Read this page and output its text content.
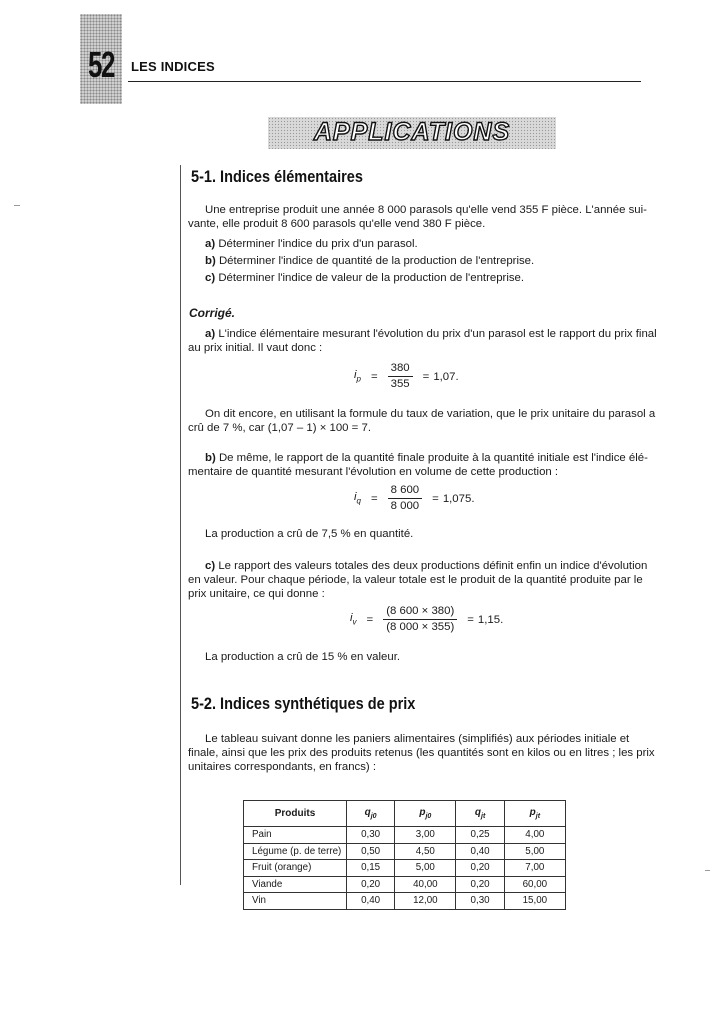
52 LES INDICES
APPLICATIONS
5-1. Indices élémentaires
Une entreprise produit une année 8 000 parasols qu'elle vend 355 F pièce. L'année sui-
vante, elle produit 8 600 parasols qu'elle vend 380 F pièce.
a) Déterminer l'indice du prix d'un parasol.
b) Déterminer l'indice de quantité de la production de l'entreprise.
c) Déterminer l'indice de valeur de la production de l'entreprise.
Corrigé.
a) L'indice élémentaire mesurant l'évolution du prix d'un parasol est le rapport du prix final
au prix initial. Il vaut donc :
$i_p = \frac{380}{355} = 1,07$.
On dit encore, en utilisant la formule du taux de variation, que le prix unitaire du parasol a
crû de 7 %, car (1,07 – 1) × 100 = 7.
b) De même, le rapport de la quantité finale produite à la quantité initiale est l'indice élé-
mentaire de quantité mesurant l'évolution en volume de cette production :
$i_q = \frac{8 600}{8 000} = 1,075$.
La production a crû de 7,5 % en quantité.
c) Le rapport des valeurs totales des deux productions définit enfin un indice d'évolution
en valeur. Pour chaque période, la valeur totale est le produit de la quantité produite par le
prix unitaire, ce qui donne :
$i_v = \frac{(8 600 \times 380)}{(8 000 \times 355)} = 1,15$.
La production a crû de 15 % en valeur.
5-2. Indices synthétiques de prix
Le tableau suivant donne les paniers alimentaires (simplifiés) aux périodes initiale et
finale, ainsi que les prix des produits retenus (les quantités sont en kilos ou en litres ; les prix
unitaires correspondants, en francs) :
Produits	$q_{j0}$	$p_{j0}$	$q_{jt}$	$p_{jt}$
Pain	0,30	3,00	0,25	4,00
Légume (p. de terre)	0,50	4,50	0,40	5,00
Fruit (orange)	0,15	5,00	0,20	7,00
Viande	0,20	40,00	0,20	60,00
Vin	0,40	12,00	0,30	15,00
